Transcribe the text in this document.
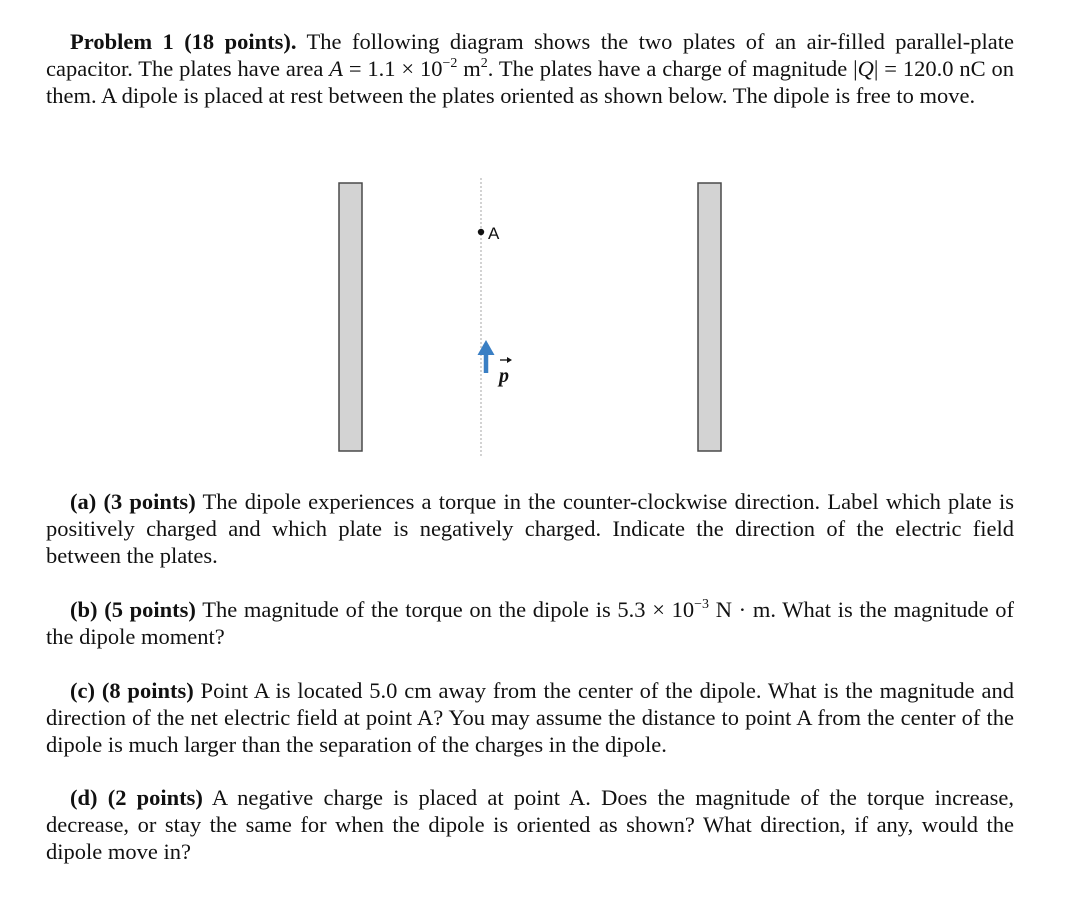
Problem 1 (18 points). The following diagram shows the two plates of an air-filled parallel-plate capacitor. The plates have area $A = 1.1 \times 10^{-2}$ $m^2$. The plates have a charge of magnitude |Q| = 120.0 nC on them. A dipole is placed at rest between the plates oriented as shown below. The dipole is free to move.

A
p

(a) (3 points) The dipole experiences a torque in the counter-clockwise direction. Label which plate is positively charged and which plate is negatively charged. Indicate the direction of the electric field between the plates.

(b) (5 points) The magnitude of the torque on the dipole is $5.3 \times 10^{-3}$ N · m. What is the magnitude of the dipole moment?

(c) (8 points) Point A is located 5.0 cm away from the center of the dipole. What is the magnitude and direction of the net electric field at point A? You may assume the distance to point A from the center of the dipole is much larger than the separation of the charges in the dipole.

(d) (2 points) A negative charge is placed at point A. Does the magnitude of the torque increase, decrease, or stay the same for when the dipole is oriented as shown? What direction, if any, would the dipole move in?
